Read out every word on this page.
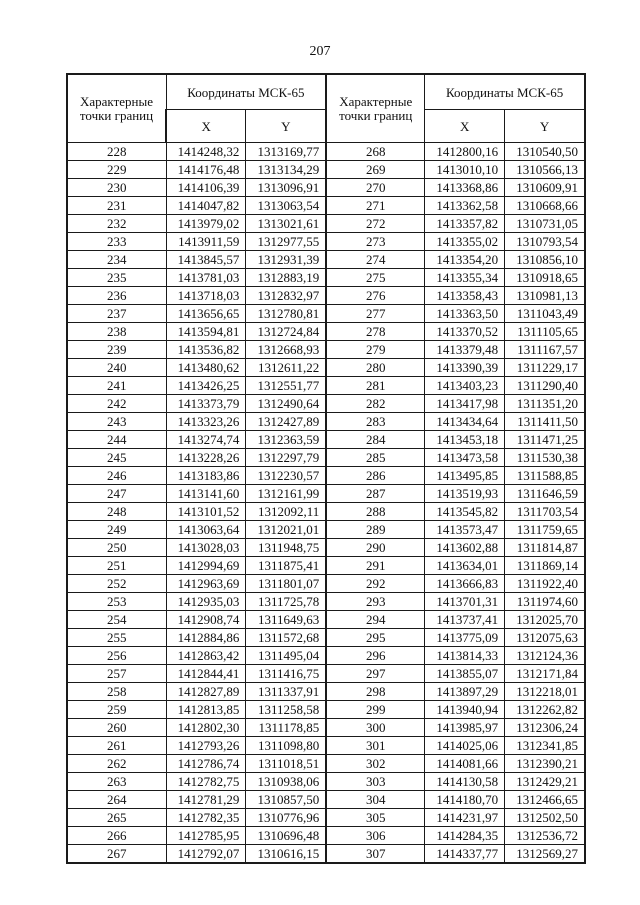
207
Характерные точки границ	Координаты МСК-65		Характерные точки границ	Координаты МСК-65	
	X	Y		X	Y
228	1414248,32	1313169,77	268	1412800,16	1310540,50
229	1414176,48	1313134,29	269	1413010,10	1310566,13
230	1414106,39	1313096,91	270	1413368,86	1310609,91
231	1414047,82	1313063,54	271	1413362,58	1310668,66
232	1413979,02	1313021,61	272	1413357,82	1310731,05
233	1413911,59	1312977,55	273	1413355,02	1310793,54
234	1413845,57	1312931,39	274	1413354,20	1310856,10
235	1413781,03	1312883,19	275	1413355,34	1310918,65
236	1413718,03	1312832,97	276	1413358,43	1310981,13
237	1413656,65	1312780,81	277	1413363,50	1311043,49
238	1413594,81	1312724,84	278	1413370,52	1311105,65
239	1413536,82	1312668,93	279	1413379,48	1311167,57
240	1413480,62	1312611,22	280	1413390,39	1311229,17
241	1413426,25	1312551,77	281	1413403,23	1311290,40
242	1413373,79	1312490,64	282	1413417,98	1311351,20
243	1413323,26	1312427,89	283	1413434,64	1311411,50
244	1413274,74	1312363,59	284	1413453,18	1311471,25
245	1413228,26	1312297,79	285	1413473,58	1311530,38
246	1413183,86	1312230,57	286	1413495,85	1311588,85
247	1413141,60	1312161,99	287	1413519,93	1311646,59
248	1413101,52	1312092,11	288	1413545,82	1311703,54
249	1413063,64	1312021,01	289	1413573,47	1311759,65
250	1413028,03	1311948,75	290	1413602,88	1311814,87
251	1412994,69	1311875,41	291	1413634,01	1311869,14
252	1412963,69	1311801,07	292	1413666,83	1311922,40
253	1412935,03	1311725,78	293	1413701,31	1311974,60
254	1412908,74	1311649,63	294	1413737,41	1312025,70
255	1412884,86	1311572,68	295	1413775,09	1312075,63
256	1412863,42	1311495,04	296	1413814,33	1312124,36
257	1412844,41	1311416,75	297	1413855,07	1312171,84
258	1412827,89	1311337,91	298	1413897,29	1312218,01
259	1412813,85	1311258,58	299	1413940,94	1312262,82
260	1412802,30	1311178,85	300	1413985,97	1312306,24
261	1412793,26	1311098,80	301	1414025,06	1312341,85
262	1412786,74	1311018,51	302	1414081,66	1312390,21
263	1412782,75	1310938,06	303	1414130,58	1312429,21
264	1412781,29	1310857,50	304	1414180,70	1312466,65
265	1412782,35	1310776,96	305	1414231,97	1312502,50
266	1412785,95	1310696,48	306	1414284,35	1312536,72
267	1412792,07	1310616,15	307	1414337,77	1312569,27
